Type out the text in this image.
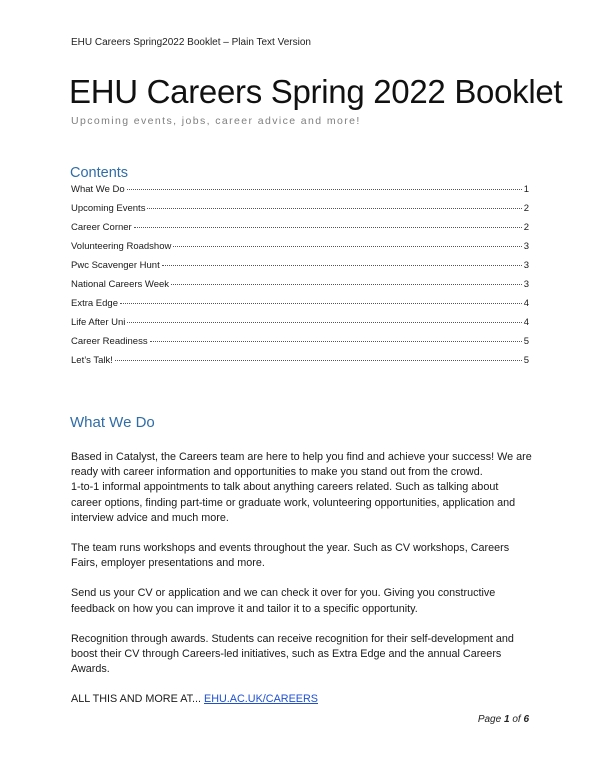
EHU Careers Spring2022 Booklet – Plain Text Version
EHU Careers Spring 2022 Booklet
Upcoming events, jobs, career advice and more!
Contents
What We Do	1
Upcoming Events	2
Career Corner	2
Volunteering Roadshow	3
Pwc Scavenger Hunt	3
National Careers Week	3
Extra Edge	4
Life After Uni	4
Career Readiness	5
Let’s Talk!	5
What We Do

Based in Catalyst, the Careers team are here to help you find and achieve your success! We are
ready with career information and opportunities to make you stand out from the crowd.
1-to-1 informal appointments to talk about anything careers related. Such as talking about
career options, finding part-time or graduate work, volunteering opportunities, application and
interview advice and much more.

The team runs workshops and events throughout the year. Such as CV workshops, Careers
Fairs, employer presentations and more.

Send us your CV or application and we can check it over for you. Giving you constructive
feedback on how you can improve it and tailor it to a specific opportunity.

Recognition through awards. Students can receive recognition for their self-development and
boost their CV through Careers-led initiatives, such as Extra Edge and the annual Careers
Awards.

ALL THIS AND MORE AT... EHU.AC.UK/CAREERS

Page 1 of 6
